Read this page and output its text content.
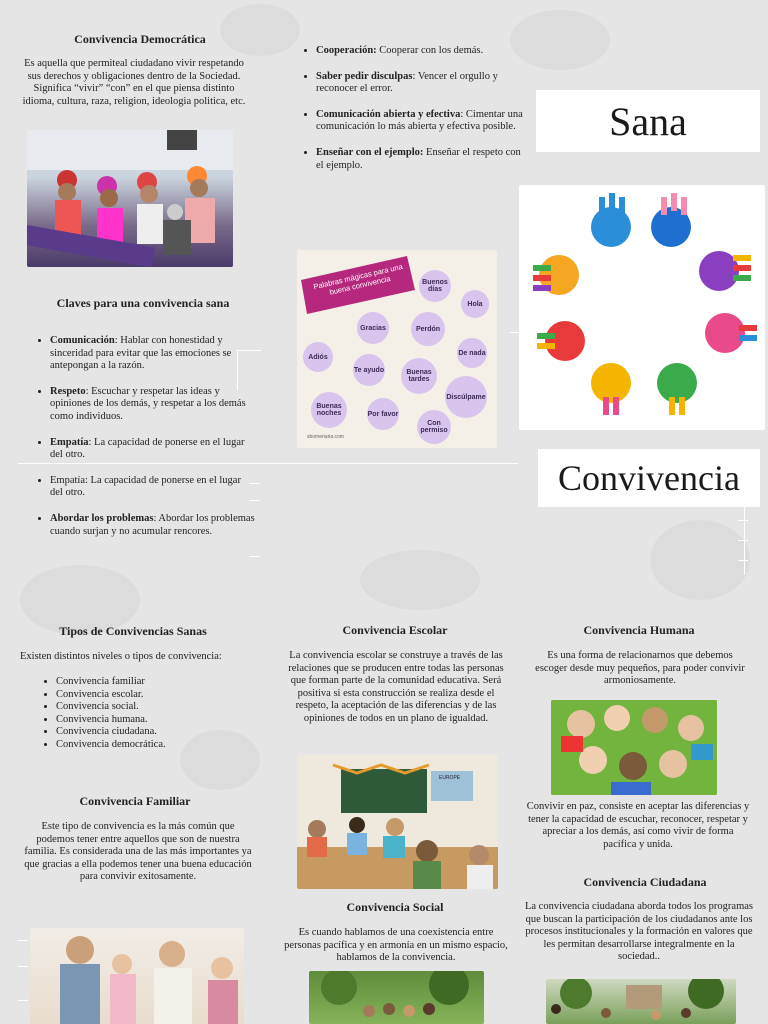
Convivencia Democrática
Es aquella que permiteal ciudadano vivir respetando sus derechos y obligaciones dentro de la Sociedad. Significa “vivir” “con” en el que piensa distinto idioma, cultura, raza, religion, ideologia politica, etc.
Claves para una convivencia sana
• Comunicación: Hablar con honestidad y sinceridad para evitar que las emociones se antepongan a la razón.
• Respeto: Escuchar y respetar las ideas y opiniones de los demás, y respetar a los demás como individuos.
• Empatía: La capacidad de ponerse en el lugar del otro.
• Empatía: La capacidad de ponerse en el lugar del otro.
• Abordar los problemas: Abordar los problemas cuando surjan y no acumular rencores.
• Cooperación: Cooperar con los demás.
• Saber pedir disculpas: Vencer el orgullo y reconocer el error.
• Comunicación abierta y efectiva: Cimentar una comunicación lo más abierta y efectiva posible.
• Enseñar con el ejemplo: Enseñar el respeto con el ejemplo.
Palabras mágicas para una buena convivencia	Buenos días
Hola
Gracias	Perdón
De nada
Adiós
Te ayudo	Buenas tardes
Discúlpame
Buenas noches	Por favor
Con permiso
sbomenaria.com
Sana
Convivencia
Tipos de Convivencias Sanas
Existen distintos niveles o tipos de convivencia:
• Convivencia familiar
• Convivencia escolar.
• Convivencia social.
• Convivencia humana.
• Convivencia ciudadana.
• Convivencia democrática.
Convivencia Familiar
Este tipo de convivencia es la más común que podemos tener entre aquellos que son de nuestra familia. Es considerada una de las más importantes ya que gracias a ella podemos tener una buena educación para convivir exitosamente.
Convivencia Escolar
La convivencia escolar se construye a través de las relaciones que se producen entre todas las personas que forman parte de la comunidad educativa. Será positiva si esta construcción se realiza desde el respeto, la aceptación de las diferencias y de las opiniones de todos en un plano de igualdad.
EUROPE
Convivencia Social
Es cuando hablamos de una coexistencia entre personas pacífica y en armonía en un mismo espacio, hablamos de la convivencia.
Convivencia Humana
Es una forma de relacionarnos que debemos escoger desde muy pequeños, para poder convivir armoniosamente.
Convivir en paz, consiste en aceptar las diferencias y tener la capacidad de escuchar, reconocer, respetar y apreciar a los demás, así como vivir de forma pacífica y unida.
Convivencia Ciudadana
La convivencia ciudadana aborda todos los programas que buscan la participación de los ciudadanos ante los procesos institucionales y la formación en valores que les permitan desarrollarse integralmente en la sociedad..
